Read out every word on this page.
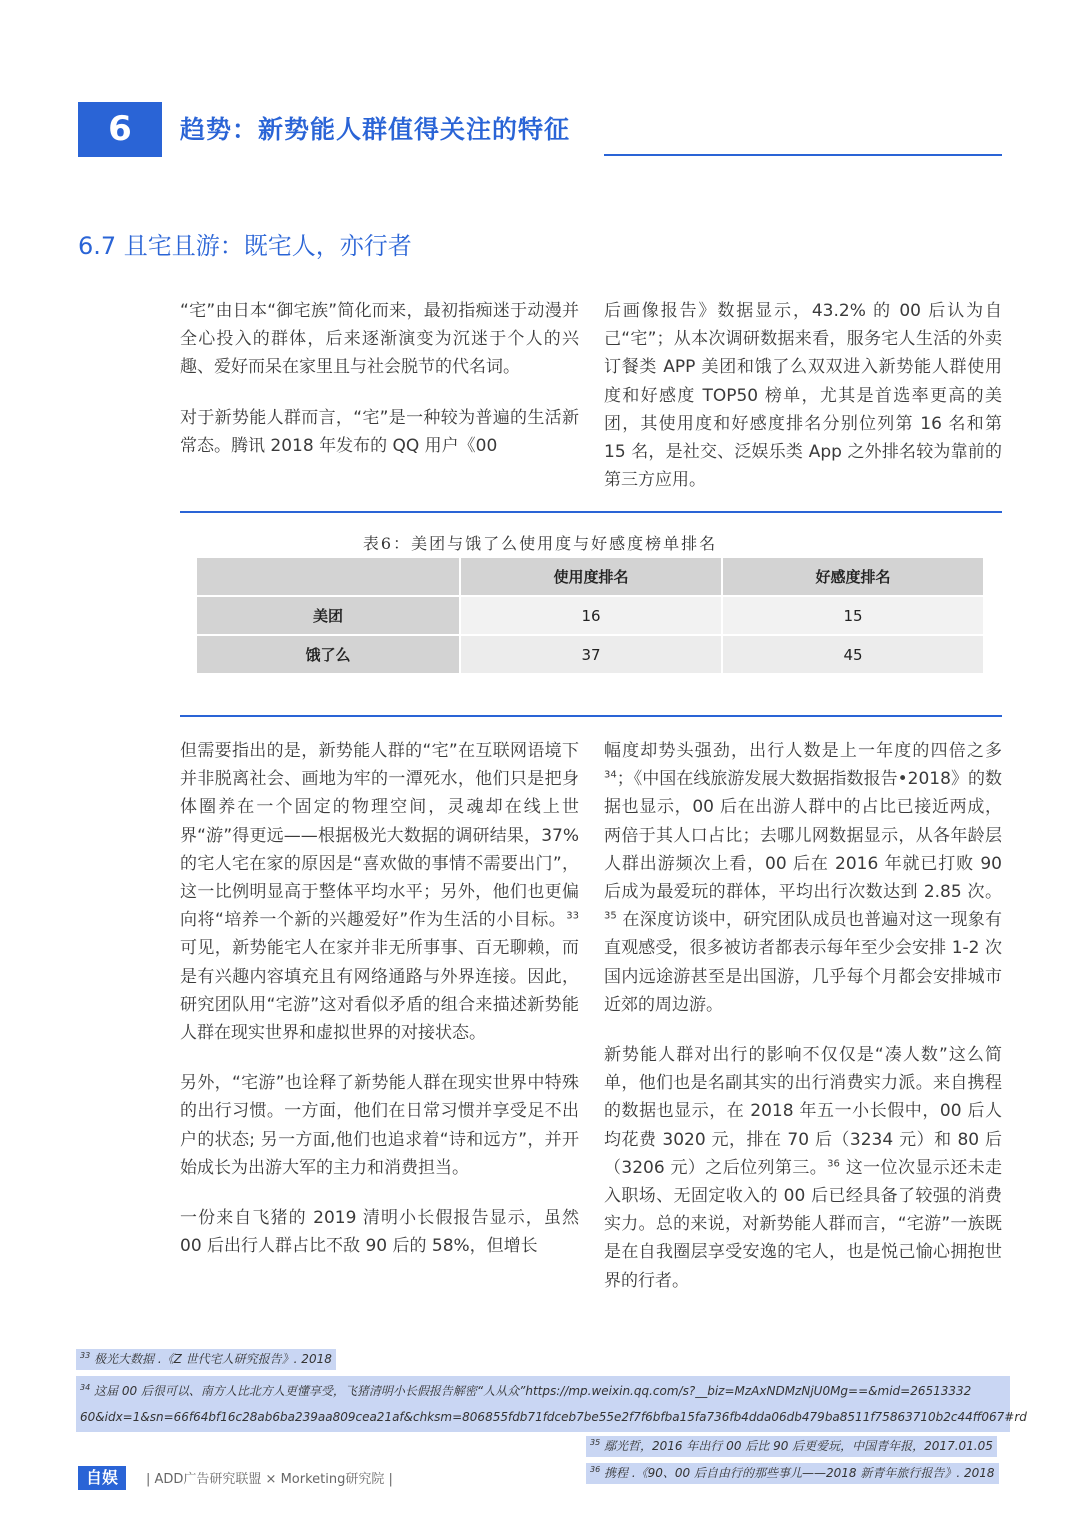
6	趋势：新势能人群值得关注的特征
6.7 且宅且游：既宅人，亦行者

“宅”由日本“御宅族”简化而来，最初指痴迷于动漫并全心投入的群体，后来逐渐演变为沉迷于个人的兴趣、爱好而呆在家里且与社会脱节的代名词。

对于新势能人群而言，“宅”是一种较为普遍的生活新常态。腾讯 2018 年发布的 QQ 用户《00

后画像报告》数据显示，43.2% 的 00 后认为自己“宅”；从本次调研数据来看，服务宅人生活的外卖订餐类 APP 美团和饿了么双双进入新势能人群使用度和好感度 TOP50 榜单，尤其是首选率更高的美团，其使用度和好感度排名分别位列第 16 名和第 15 名，是社交、泛娱乐类 App 之外排名较为靠前的第三方应用。

表6：美团与饿了么使用度与好感度榜单排名
	使用度排名	好感度排名
美团	16	15
饿了么	37	45

但需要指出的是，新势能人群的“宅”在互联网语境下并非脱离社会、画地为牢的一潭死水，他们只是把身体圈养在一个固定的物理空间，灵魂却在线上世界“游”得更远——根据极光大数据的调研结果，37% 的宅人宅在家的原因是“喜欢做的事情不需要出门”，这一比例明显高于整体平均水平；另外，他们也更偏向将“培养一个新的兴趣爱好”作为生活的小目标。$^{33}$ 可见，新势能宅人在家并非无所事事、百无聊赖，而是有兴趣内容填充且有网络通路与外界连接。因此，研究团队用“宅游”这对看似矛盾的组合来描述新势能人群在现实世界和虚拟世界的对接状态。

另外，“宅游”也诠释了新势能人群在现实世界中特殊的出行习惯。一方面，他们在日常习惯并享受足不出户的状态; 另一方面,他们也追求着“诗和远方”，并开始成长为出游大军的主力和消费担当。

一份来自飞猪的 2019 清明小长假报告显示，虽然 00 后出行人群占比不敌 90 后的 58%，但增长

幅度却势头强劲，出行人数是上一年度的四倍之多$^{34}$；《中国在线旅游发展大数据指数报告•2018》的数据也显示，00 后在出游人群中的占比已接近两成，两倍于其人口占比；去哪儿网数据显示，从各年龄层人群出游频次上看，00 后在 2016 年就已打败 90 后成为最爱玩的群体，平均出行次数达到 2.85 次。$^{35}$ 在深度访谈中，研究团队成员也普遍对这一现象有直观感受，很多被访者都表示每年至少会安排 1-2 次国内远途游甚至是出国游，几乎每个月都会安排城市近郊的周边游。

新势能人群对出行的影响不仅仅是“凑人数”这么简单，他们也是名副其实的出行消费实力派。来自携程的数据也显示，在 2018 年五一小长假中，00 后人均花费 3020 元，排在 70 后（3234 元）和 80 后（3206 元）之后位列第三。$^{36}$ 这一位次显示还未走入职场、无固定收入的 00 后已经具备了较强的消费实力。总的来说，对新势能人群而言，“宅游”一族既是在自我圈层享受安逸的宅人，也是悦己愉心拥抱世界的行者。

$^{33}$ 极光大数据 .《Z 世代宅人研究报告》. 2018
$^{34}$ 这届 00 后很可以、南方人比北方人更懂享受，飞猪清明小长假报告解密“人从众”https://mp.weixin.qq.com/s?__biz=MzAxNDMzNjU0Mg==&mid=26513332
60&idx=1&sn=66f64bf16c28ab6ba239aa809cea21af&chksm=806855fdb71fdceb7be55e2f7f6bfba15fa736fb4dda06db479ba8511f75863710b2c44ff067#rd
$^{35}$ 鄢光哲，2016 年出行 00 后比 90 后更爱玩，中国青年报，2017.01.05
$^{36}$ 携程 .《90、00 后自由行的那些事儿——2018 新青年旅行报告》. 2018
自娱	| ADD广告研究联盟 × Morketing研究院 |
